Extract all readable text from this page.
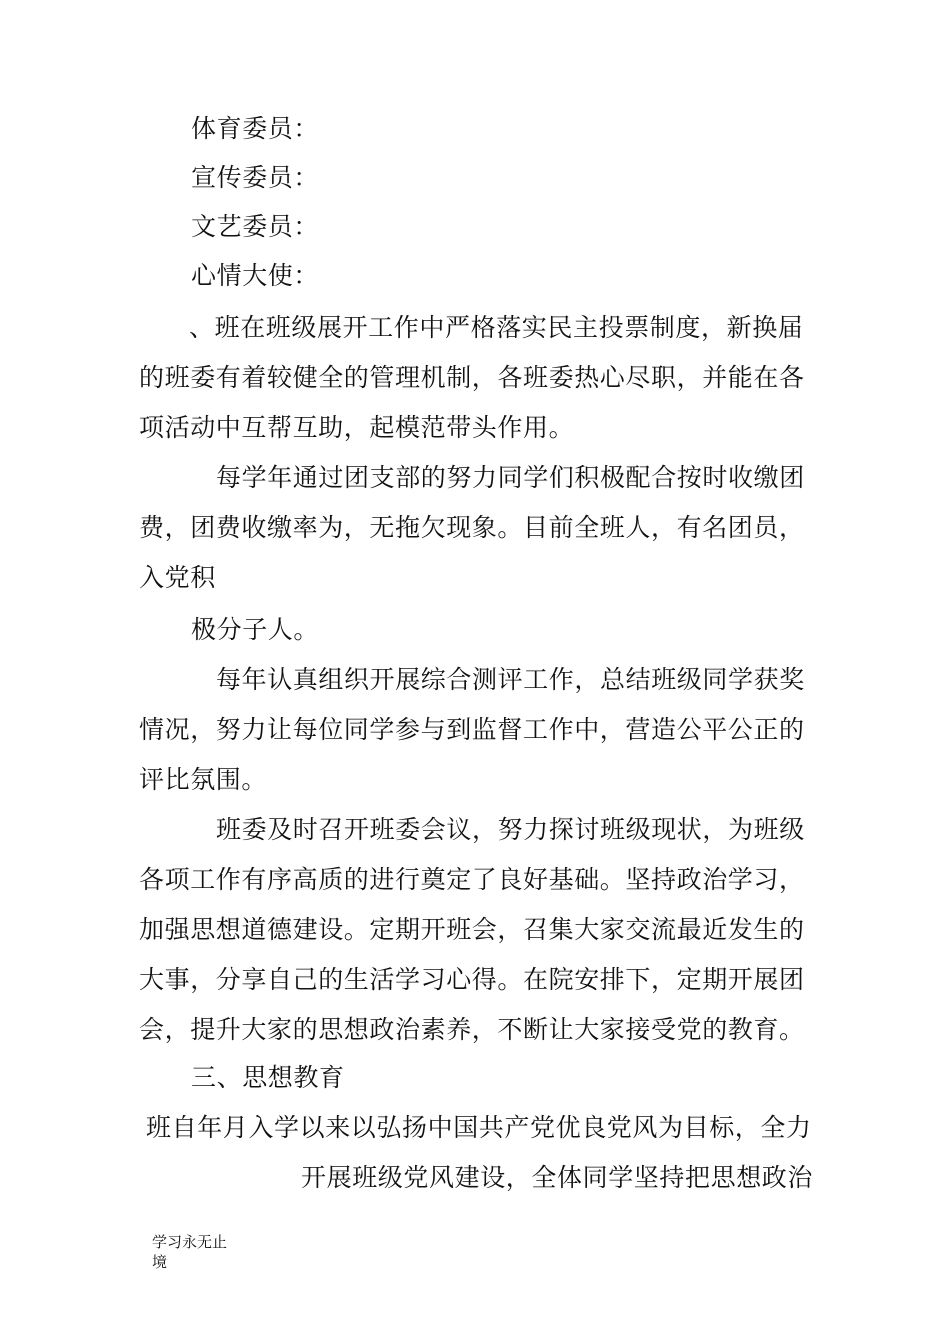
体育委员：
宣传委员：
文艺委员：
心情大使：
、班在班级展开工作中严格落实民主投票制度，新换届
的班委有着较健全的管理机制，各班委热心尽职，并能在各
项活动中互帮互助，起模范带头作用。
每学年通过团支部的努力同学们积极配合按时收缴团
费，团费收缴率为，无拖欠现象。目前全班人，有名团员，
入党积
极分子人。
每年认真组织开展综合测评工作，总结班级同学获奖
情况，努力让每位同学参与到监督工作中，营造公平公正的
评比氛围。
班委及时召开班委会议，努力探讨班级现状，为班级
各项工作有序高质的进行奠定了良好基础。坚持政治学习，
加强思想道德建设。定期开班会，召集大家交流最近发生的
大事，分享自己的生活学习心得。在院安排下，定期开展团
会，提升大家的思想政治素养，不断让大家接受党的教育。
三、思想教育
班自年月入学以来以弘扬中国共产党优良党风为目标，全力
开展班级党风建设，全体同学坚持把思想政治
学习永无止
境
